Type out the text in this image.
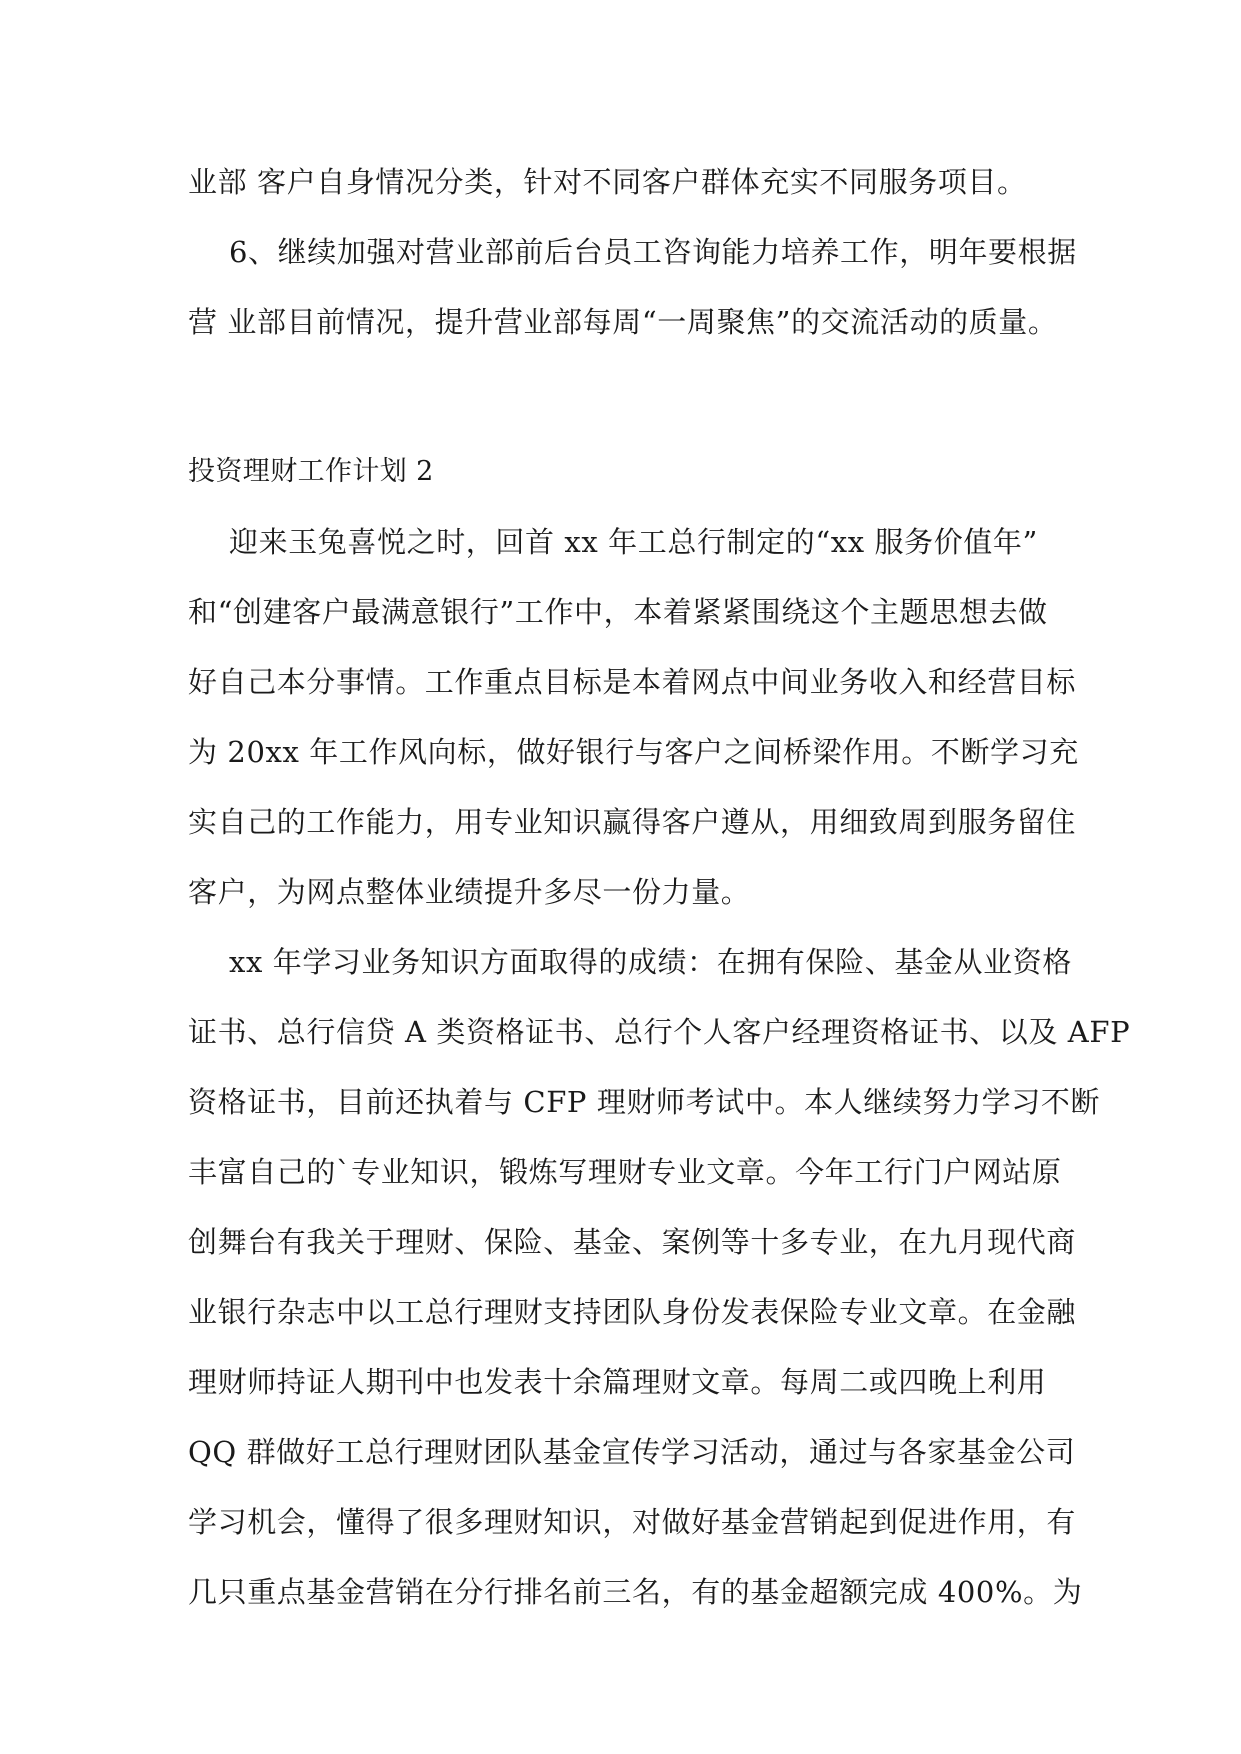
业部 客户自身情况分类，针对不同客户群体充实不同服务项目。
6、继续加强对营业部前后台员工咨询能力培养工作，明年要根据
营 业部目前情况，提升营业部每周“一周聚焦”的交流活动的质量。
投资理财工作计划 2
迎来玉兔喜悦之时，回首 xx 年工总行制定的“xx 服务价值年”
和“创建客户最满意银行”工作中，本着紧紧围绕这个主题思想去做
好自己本分事情。工作重点目标是本着网点中间业务收入和经营目标
为 20xx 年工作风向标，做好银行与客户之间桥梁作用。不断学习充
实自己的工作能力，用专业知识赢得客户遵从，用细致周到服务留住
客户，为网点整体业绩提升多尽一份力量。
xx 年学习业务知识方面取得的成绩：在拥有保险、基金从业资格
证书、总行信贷 A 类资格证书、总行个人客户经理资格证书、以及 AFP
资格证书，目前还执着与 CFP 理财师考试中。本人继续努力学习不断
丰富自己的`专业知识，锻炼写理财专业文章。今年工行门户网站原
创舞台有我关于理财、保险、基金、案例等十多专业，在九月现代商
业银行杂志中以工总行理财支持团队身份发表保险专业文章。在金融
理财师持证人期刊中也发表十余篇理财文章。每周二或四晚上利用
QQ 群做好工总行理财团队基金宣传学习活动，通过与各家基金公司
学习机会，懂得了很多理财知识，对做好基金营销起到促进作用，有
几只重点基金营销在分行排名前三名，有的基金超额完成 400%。为
